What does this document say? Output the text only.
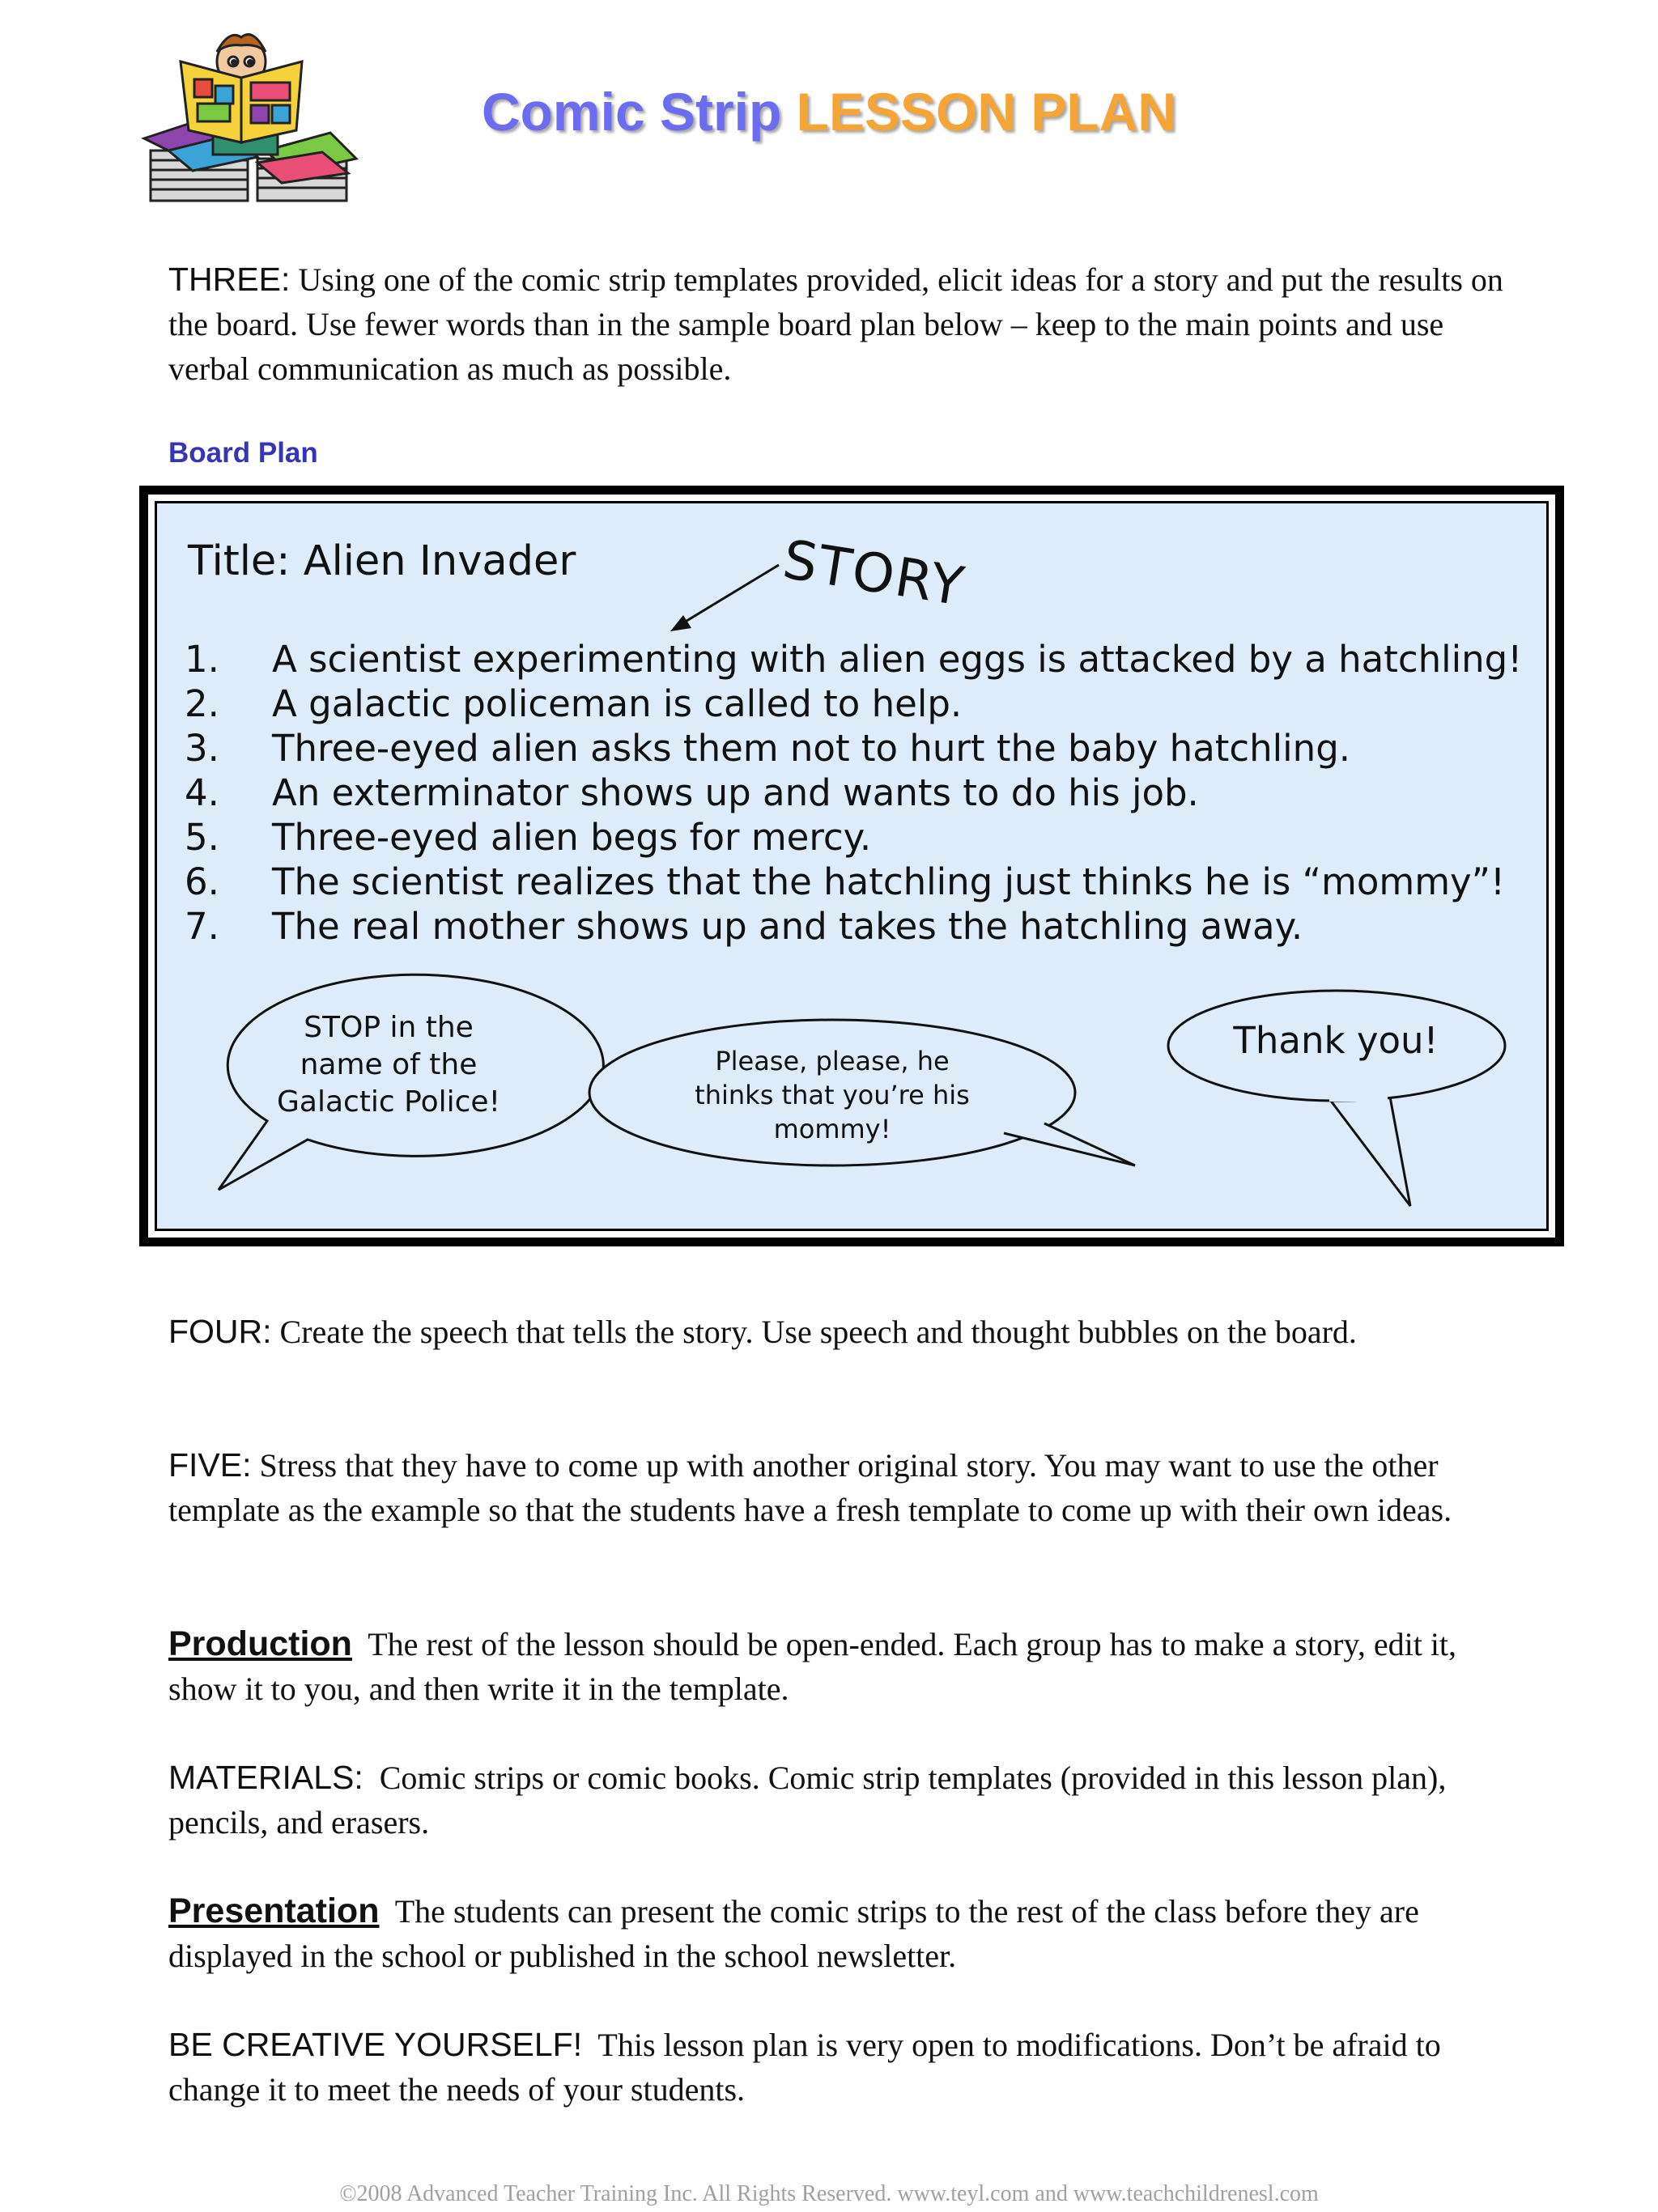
Comic Strip LESSON PLAN
THREE: Using one of the comic strip templates provided, elicit ideas for a story and put the results on the board. Use fewer words than in the sample board plan below – keep to the main points and use verbal communication as much as possible.
Board Plan
Title: Alien Invader	STORY
1. A scientist experimenting with alien eggs is attacked by a hatchling!
2. A galactic policeman is called to help.
3. Three-eyed alien asks them not to hurt the baby hatchling.
4. An exterminator shows up and wants to do his job.
5. Three-eyed alien begs for mercy.
6. The scientist realizes that the hatchling just thinks he is “mommy”!
7. The real mother shows up and takes the hatchling away.
STOP in the
name of the
Galactic Police!
Please, please, he
thinks that you’re his
mommy!
Thank you!
FOUR: Create the speech that tells the story. Use speech and thought bubbles on the board.
FIVE: Stress that they have to come up with another original story. You may want to use the other template as the example so that the students have a fresh template to come up with their own ideas.
Production The rest of the lesson should be open-ended. Each group has to make a story, edit it, show it to you, and then write it in the template.
MATERIALS: Comic strips or comic books. Comic strip templates (provided in this lesson plan), pencils, and erasers.
Presentation The students can present the comic strips to the rest of the class before they are displayed in the school or published in the school newsletter.
BE CREATIVE YOURSELF! This lesson plan is very open to modifications. Don’t be afraid to change it to meet the needs of your students.
©2008 Advanced Teacher Training Inc. All Rights Reserved. www.teyl.com and www.teachchildrenesl.com
